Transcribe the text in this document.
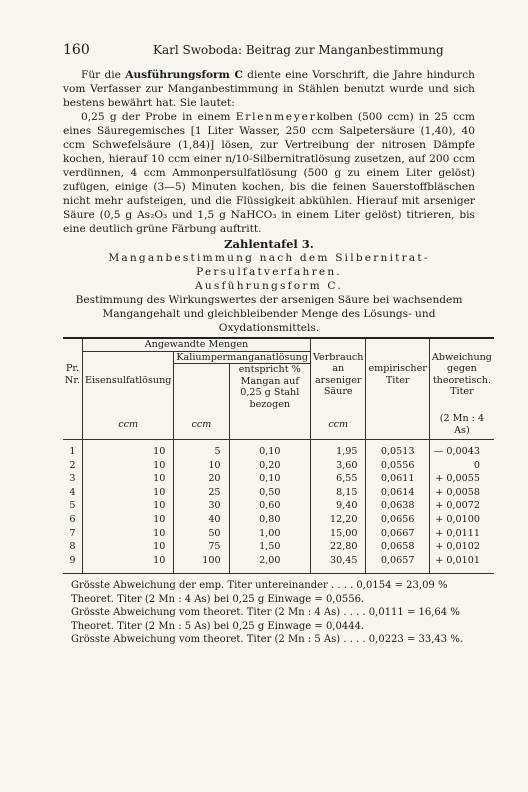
160	Karl Swoboda: Beitrag zur Manganbestimmung

Für die Ausführungsform C diente eine Vorschrift, die Jahre hindurch vom Verfasser zur Manganbestimmung in Stählen benutzt wurde und sich bestens bewährt hat. Sie lautet:

0,25 g der Probe in einem Erlenmeyerkolben (500 ccm) in 25 ccm eines Säuregemisches [1 Liter Wasser, 250 ccm Salpetersäure (1,40), 40 ccm Schwefelsäure (1,84)] lösen, zur Vertreibung der nitrosen Dämpfe kochen, hierauf 10 ccm einer n/10-Silbernitratlösung zusetzen, auf 200 ccm verdünnen, 4 ccm Ammonpersulfatlösung (500 g zu einem Liter gelöst) zufügen, einige (3—5) Minuten kochen, bis die feinen Sauerstoffbläschen nicht mehr aufsteigen, und die Flüssigkeit abkühlen. Hierauf mit arseniger Säure (0,5 g As₂O₃ und 1,5 g NaHCO₃ in einem Liter gelöst) titrieren, bis eine deutlich grüne Färbung auftritt.

Zahlentafel 3.
Manganbestimmung nach dem Silbernitrat-Persulfatverfahren.
Ausführungsform C.
Bestimmung des Wirkungswertes der arsenigen Säure bei wachsendem Mangangehalt und gleichbleibender Menge des Lösungs- und Oxydationsmittels.
Pr. Nr.	Angewandte Mengen			Verbrauch an arseniger Säure	empirischer Titer	Abweichung gegen theoretisch. Titer
	Eisensulfatlösung	Kaliumpermanganatlösung				
			entspricht % Mangan auf 0,25 g Stahl bezogen			
	ccm	ccm		ccm		(2 Mn : 4 As)
1	10	5	0,10	1,95	0,0513	— 0,0043
2	10	10	0,20	3,60	0,0556	0
3	10	20	0,10	6,55	0,0611	+ 0,0055
4	10	25	0,50	8,15	0,0614	+ 0,0058
5	10	30	0,60	9,40	0,0638	+ 0,0072
6	10	40	0,80	12,20	0,0656	+ 0,0100
7	10	50	1,00	15,00	0,0667	+ 0,0111
8	10	75	1,50	22,80	0,0658	+ 0,0102
9	10	100	2,00	30,45	0,0657	+ 0,0101
Grösste Abweichung der emp. Titer untereinander . . . . 0,0154 = 23,09 %
Theoret. Titer (2 Mn : 4 As) bei 0,25 g Einwage = 0,0556.
Grösste Abweichung vom theoret. Titer (2 Mn : 4 As) . . . . 0,0111 = 16,64 %
Theoret. Titer (2 Mn : 5 As) bei 0,25 g Einwage = 0,0444.
Grösste Abweichung vom theoret. Titer (2 Mn : 5 As) . . . . 0,0223 = 33,43 %.
